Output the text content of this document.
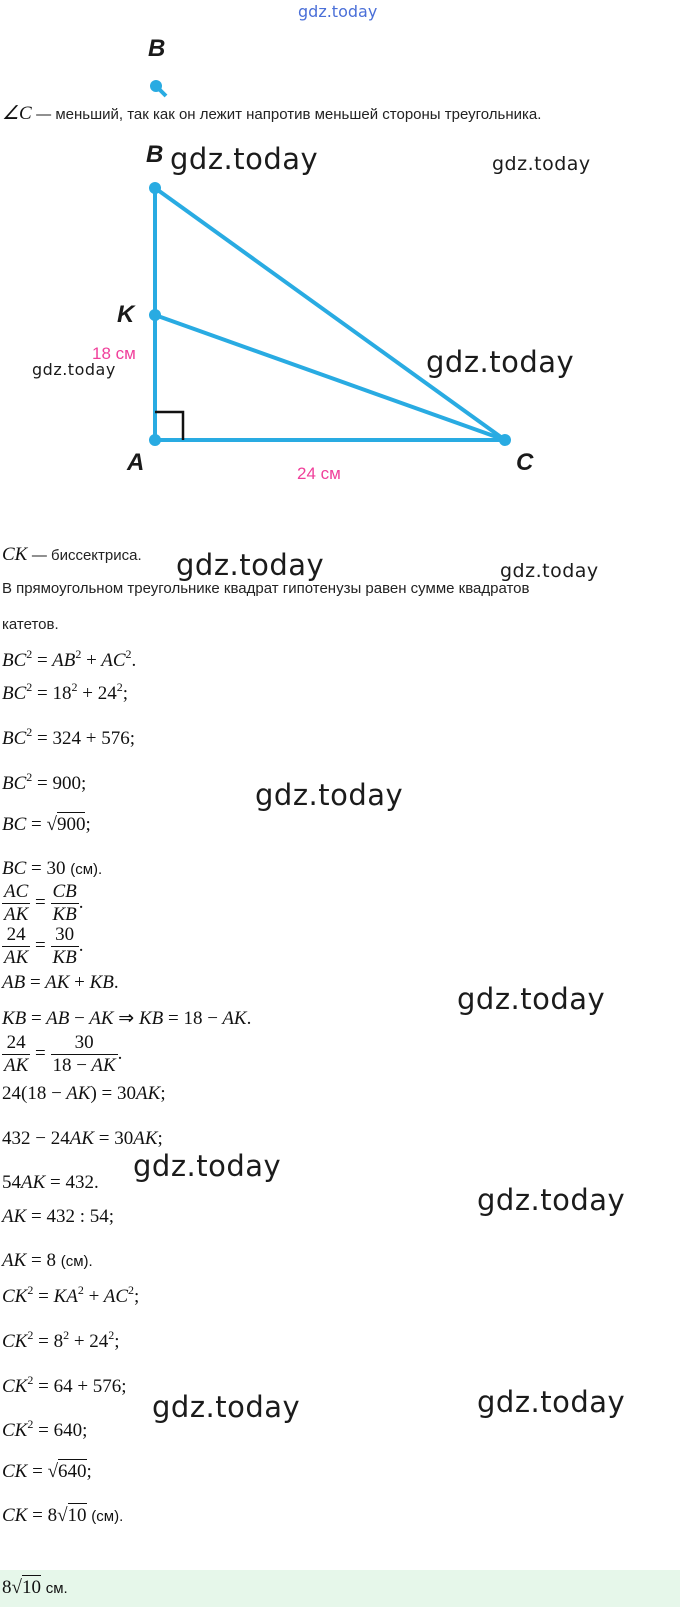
gdz.today
B
∠C — меньший, так как он лежит напротив меньшей стороны треугольника.
B
K
A	C
18 см
24 см
gdz.today	gdz.today
gdz.today
gdz.today
CK — биссектриса. gdz.today	gdz.today
В прямоугольном треугольнике квадрат гипотенузы равен сумме квадратов
катетов.
$BC^2 = AB^2 + AC^2$.
$BC^2 = 18^2 + 24^2$;
$BC^2 = 324 + 576$;
$BC^2 = 900$;	gdz.today
BC = √900;
BC = 30 (см).
$\frac{AC}{AK} = \frac{CB}{KB}$ .
$\frac{24}{AK} = \frac{30}{KB}$ .
AB = AK + KB.	gdz.today
KB = AB − AK ⇒ KB = 18 − AK.
$\frac{24}{AK} = \frac{30}{18 - AK}$ .
24(18 − AK) = 30AK;
432 − 24AK = 30AK;
gdz.today
54AK = 432.
gdz.today
AK = 432 : 54;
AK = 8 (см).
$CK^2 = KA^2 + AC^2$;
$CK^2 = 8^2 + 24^2$;
$CK^2 = 64 + 576$;	gdz.today
gdz.today
$CK^2 = 640$;
CK = √640;
CK = 8√10 (см).
8√10 см.
